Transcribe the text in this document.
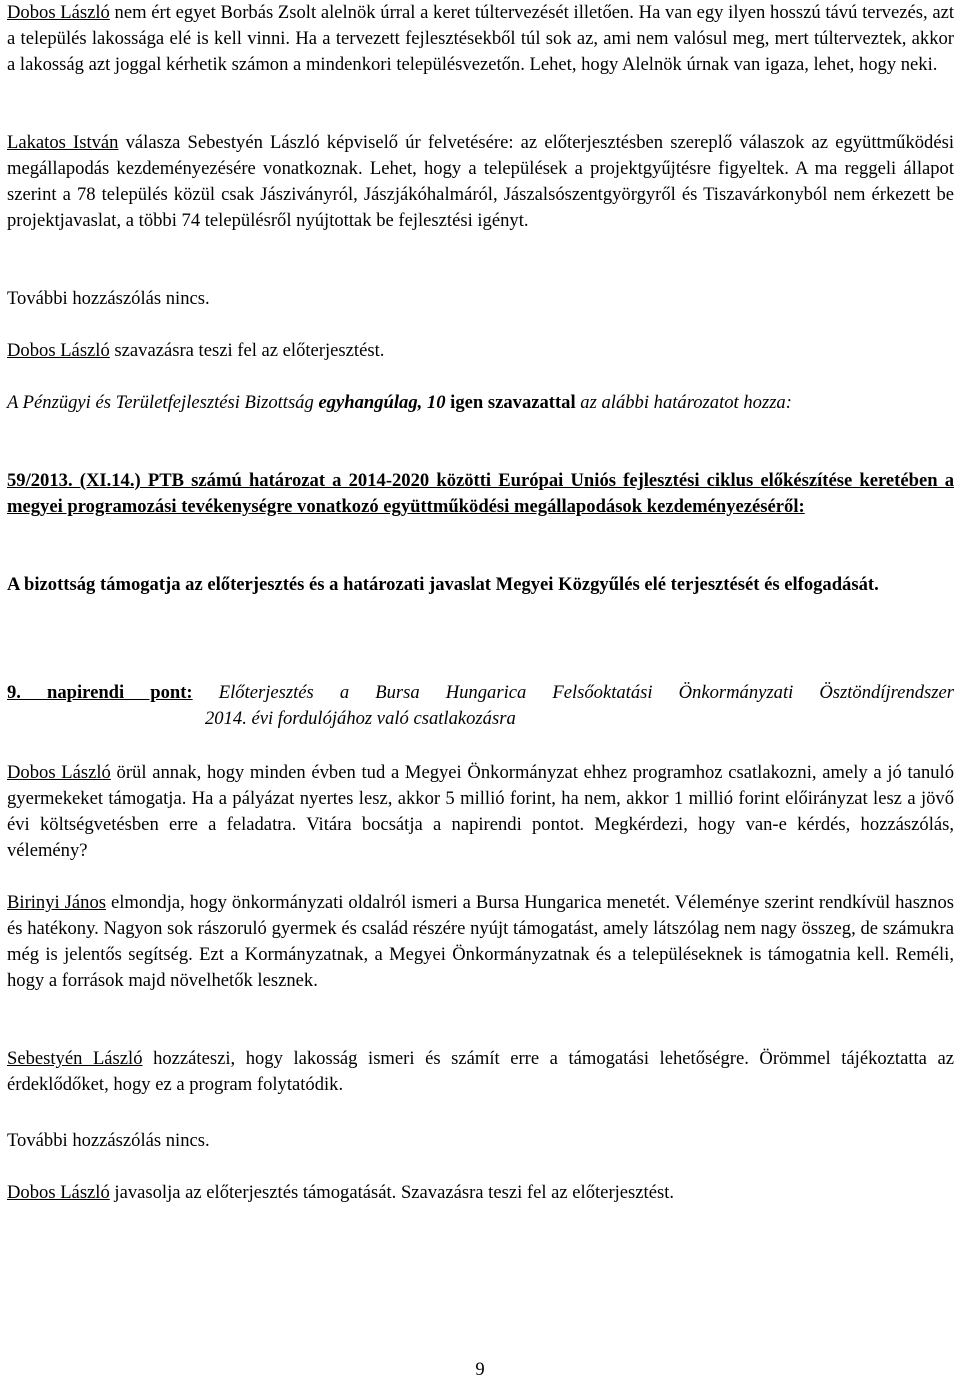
Dobos László nem ért egyet Borbás Zsolt alelnök úrral a keret túltervezését illetően. Ha van egy ilyen hosszú távú tervezés, azt a település lakossága elé is kell vinni. Ha a tervezett fejlesztésekből túl sok az, ami nem valósul meg, mert túlterveztek, akkor a lakosság azt joggal kérhetik számon a mindenkori településvezetőn. Lehet, hogy Alelnök úrnak van igaza, lehet, hogy neki.

Lakatos István válasza Sebestyén László képviselő úr felvetésére: az előterjesztésben szereplő válaszok az együttműködési megállapodás kezdeményezésére vonatkoznak. Lehet, hogy a települések a projektgyűjtésre figyeltek. A ma reggeli állapot szerint a 78 település közül csak Jásziványról, Jászjákóhalmáról, Jászalsószentgyörgyről és Tiszavárkonyból nem érkezett be projektjavaslat, a többi 74 településről nyújtottak be fejlesztési igényt.

További hozzászólás nincs.

Dobos László szavazásra teszi fel az előterjesztést.

A Pénzügyi és Területfejlesztési Bizottság egyhangúlag, 10 igen szavazattal az alábbi határozatot hozza:

59/2013. (XI.14.) PTB számú határozat a 2014-2020 közötti Európai Uniós fejlesztési ciklus előkészítése keretében a megyei programozási tevékenységre vonatkozó együttműködési megállapodások kezdeményezéséről:

A bizottság támogatja az előterjesztés és a határozati javaslat Megyei Közgyűlés elé terjesztését és elfogadását.

9. napirendi pont: Előterjesztés a Bursa Hungarica Felsőoktatási Önkormányzati Ösztöndíjrendszer
2014. évi fordulójához való csatlakozásra

Dobos László örül annak, hogy minden évben tud a Megyei Önkormányzat ehhez programhoz csatlakozni, amely a jó tanuló gyermekeket támogatja. Ha a pályázat nyertes lesz, akkor 5 millió forint, ha nem, akkor 1 millió forint előirányzat lesz a jövő évi költségvetésben erre a feladatra. Vitára bocsátja a napirendi pontot. Megkérdezi, hogy van-e kérdés, hozzászólás, vélemény?

Birinyi János elmondja, hogy önkormányzati oldalról ismeri a Bursa Hungarica menetét. Véleménye szerint rendkívül hasznos és hatékony. Nagyon sok rászoruló gyermek és család részére nyújt támogatást, amely látszólag nem nagy összeg, de számukra még is jelentős segítség. Ezt a Kormányzatnak, a Megyei Önkormányzatnak és a településeknek is támogatnia kell. Reméli, hogy a források majd növelhetők lesznek.

Sebestyén László hozzáteszi, hogy lakosság ismeri és számít erre a támogatási lehetőségre. Örömmel tájékoztatta az érdeklődőket, hogy ez a program folytatódik.

További hozzászólás nincs.

Dobos László javasolja az előterjesztés támogatását. Szavazásra teszi fel az előterjesztést.

9
